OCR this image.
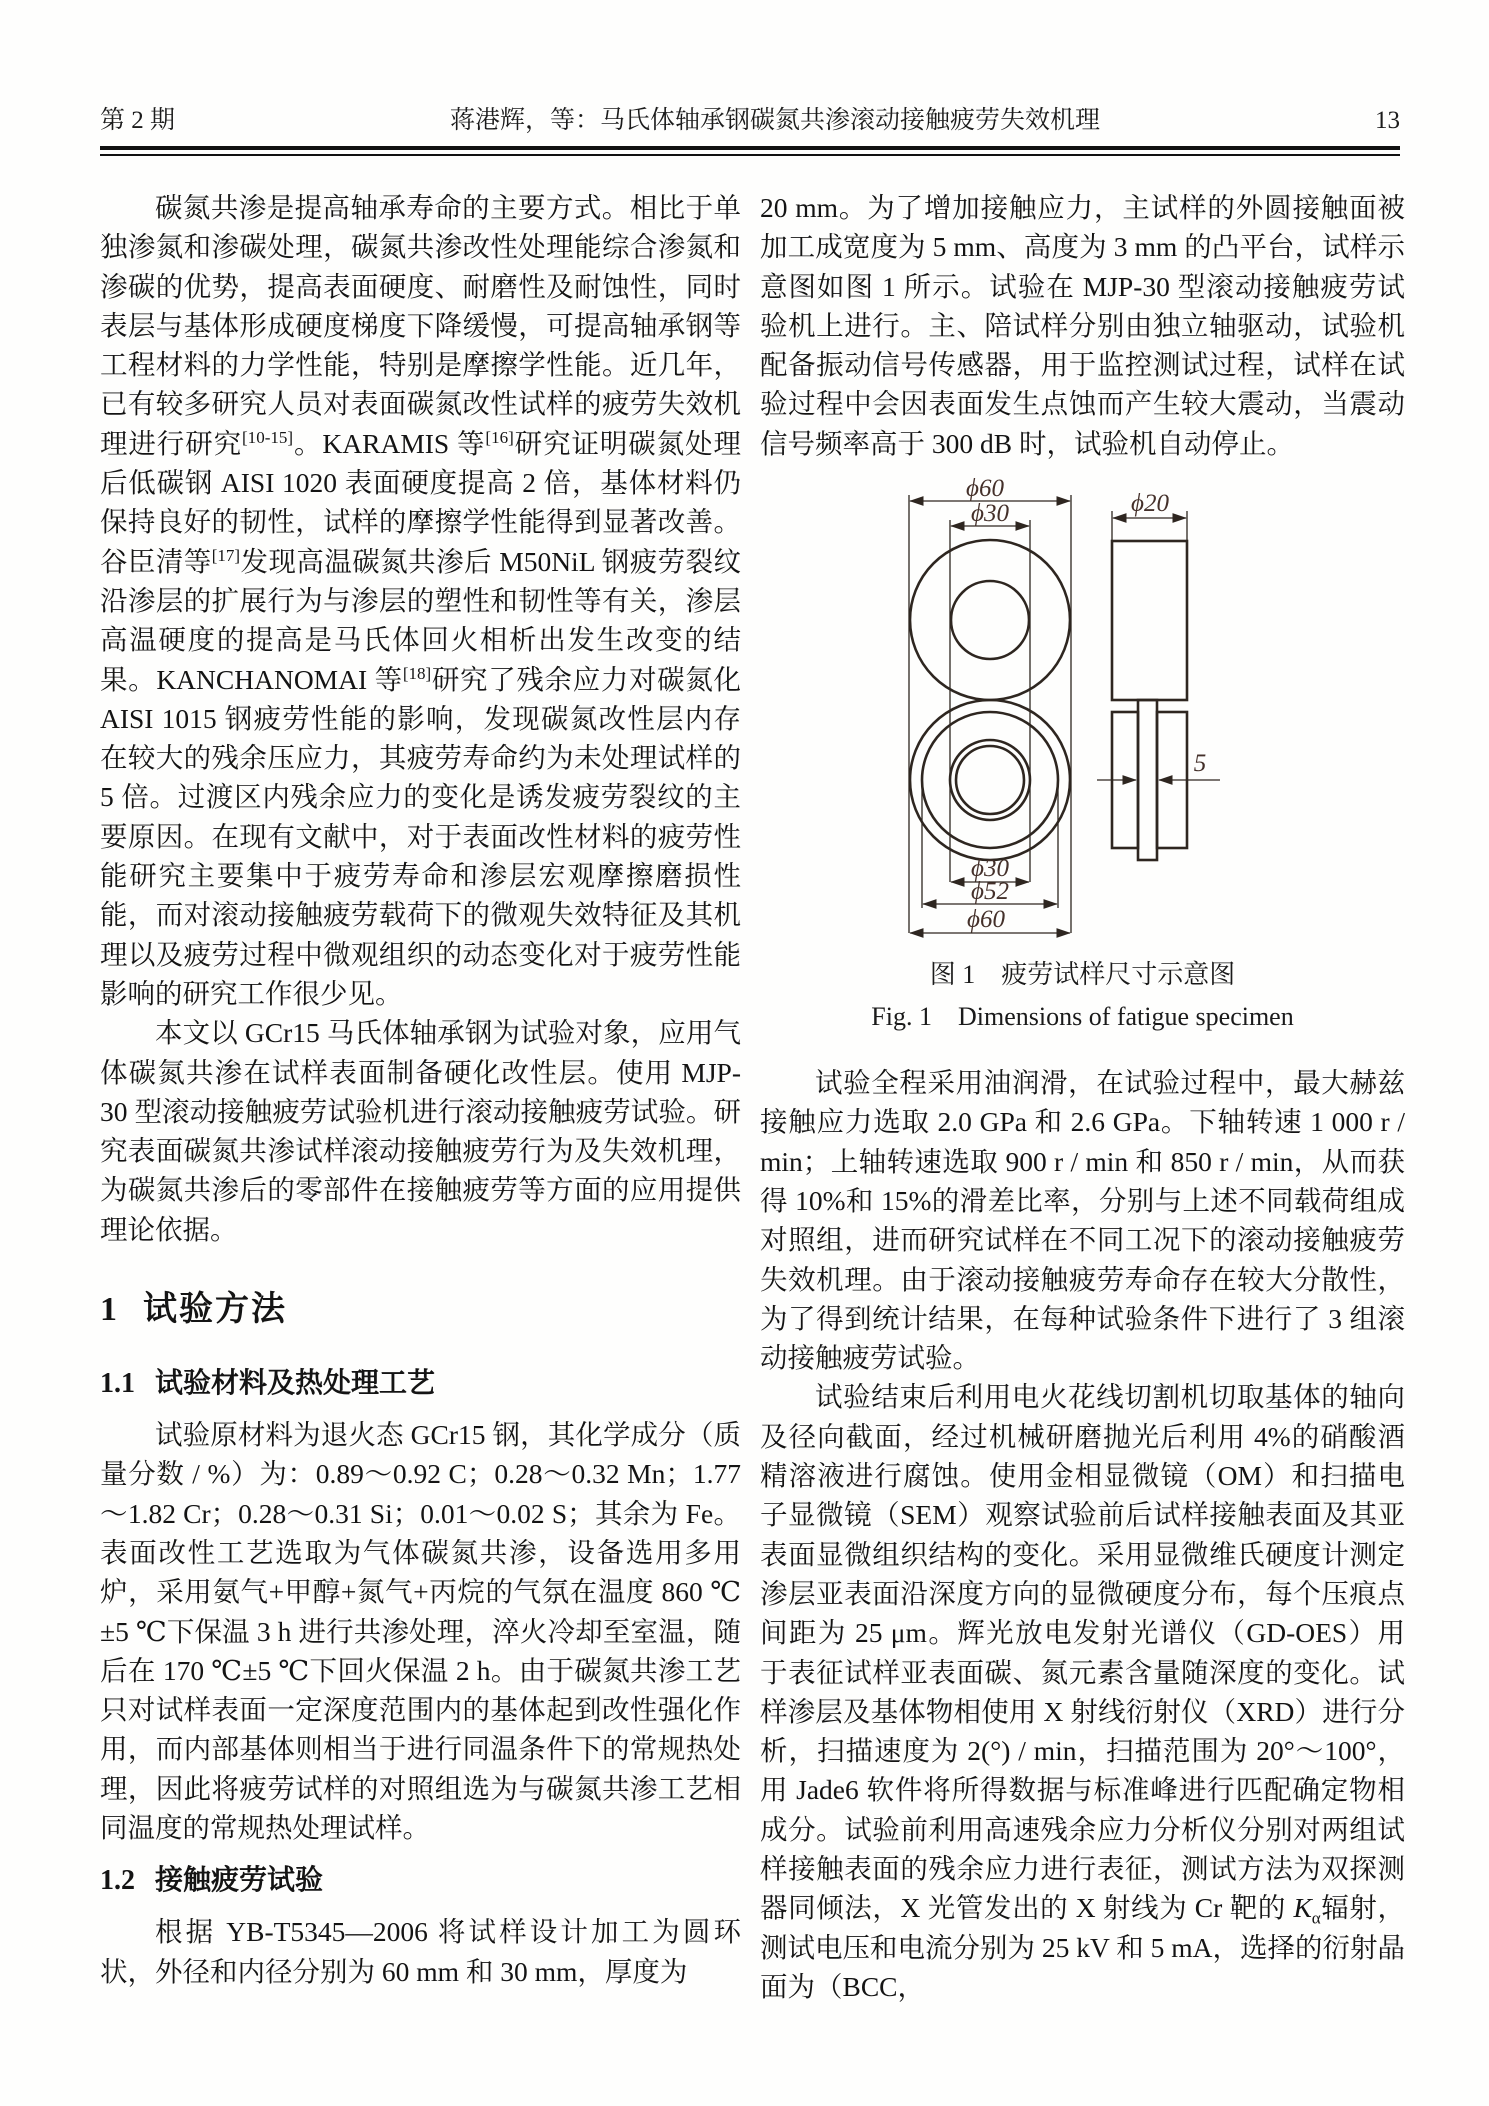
第 2 期	蒋港辉，等：马氏体轴承钢碳氮共渗滚动接触疲劳失效机理	13

碳氮共渗是提高轴承寿命的主要方式。相比于单独渗氮和渗碳处理，碳氮共渗改性处理能综合渗氮和渗碳的优势，提高表面硬度、耐磨性及耐蚀性，同时表层与基体形成硬度梯度下降缓慢，可提高轴承钢等工程材料的力学性能，特别是摩擦学性能。近几年，已有较多研究人员对表面碳氮改性试样的疲劳失效机理进行研究[10-15]。KARAMIS 等[16]研究证明碳氮处理后低碳钢 AISI 1020 表面硬度提高 2 倍，基体材料仍保持良好的韧性，试样的摩擦学性能得到显著改善。谷臣清等[17]发现高温碳氮共渗后 M50NiL 钢疲劳裂纹沿渗层的扩展行为与渗层的塑性和韧性等有关，渗层高温硬度的提高是马氏体回火相析出发生改变的结果。KANCHANOMAI 等[18]研究了残余应力对碳氮化 AISI 1015 钢疲劳性能的影响，发现碳氮改性层内存在较大的残余压应力，其疲劳寿命约为未处理试样的 5 倍。过渡区内残余应力的变化是诱发疲劳裂纹的主要原因。在现有文献中，对于表面改性材料的疲劳性能研究主要集中于疲劳寿命和渗层宏观摩擦磨损性能，而对滚动接触疲劳载荷下的微观失效特征及其机理以及疲劳过程中微观组织的动态变化对于疲劳性能影响的研究工作很少见。

本文以 GCr15 马氏体轴承钢为试验对象，应用气体碳氮共渗在试样表面制备硬化改性层。使用 MJP-30 型滚动接触疲劳试验机进行滚动接触疲劳试验。研究表面碳氮共渗试样滚动接触疲劳行为及失效机理，为碳氮共渗后的零部件在接触疲劳等方面的应用提供理论依据。

1 试验方法
1.1 试验材料及热处理工艺

试验原材料为退火态 GCr15 钢，其化学成分（质量分数 / %）为：0.89～0.92 C；0.28～0.32 Mn；1.77～1.82 Cr；0.28～0.31 Si；0.01～0.02 S；其余为 Fe。表面改性工艺选取为气体碳氮共渗，设备选用多用炉，采用氨气+甲醇+氮气+丙烷的气氛在温度 860 ℃±5 ℃下保温 3 h 进行共渗处理，淬火冷却至室温，随后在 170 ℃±5 ℃下回火保温 2 h。由于碳氮共渗工艺只对试样表面一定深度范围内的基体起到改性强化作用，而内部基体则相当于进行同温条件下的常规热处理，因此将疲劳试样的对照组选为与碳氮共渗工艺相同温度的常规热处理试样。

1.2 接触疲劳试验

根据 YB-T5345—2006 将试样设计加工为圆环状，外径和内径分别为 60 mm 和 30 mm，厚度为

20 mm。为了增加接触应力，主试样的外圆接触面被加工成宽度为 5 mm、高度为 3 mm 的凸平台，试样示意图如图 1 所示。试验在 MJP-30 型滚动接触疲劳试验机上进行。主、陪试样分别由独立轴驱动，试验机配备振动信号传感器，用于监控测试过程，试样在试验过程中会因表面发生点蚀而产生较大震动，当震动信号频率高于 300 dB 时，试验机自动停止。

ϕ60
ϕ30	ϕ20
5
ϕ30
ϕ52
ϕ60
图 1　疲劳试样尺寸示意图
Fig. 1 Dimensions of fatigue specimen

试验全程采用油润滑，在试验过程中，最大赫兹接触应力选取 2.0 GPa 和 2.6 GPa。下轴转速 1 000 r / min；上轴转速选取 900 r / min 和 850 r / min，从而获得 10%和 15%的滑差比率，分别与上述不同载荷组成对照组，进而研究试样在不同工况下的滚动接触疲劳失效机理。由于滚动接触疲劳寿命存在较大分散性，为了得到统计结果，在每种试验条件下进行了 3 组滚动接触疲劳试验。

试验结束后利用电火花线切割机切取基体的轴向及径向截面，经过机械研磨抛光后利用 4%的硝酸酒精溶液进行腐蚀。使用金相显微镜（OM）和扫描电子显微镜（SEM）观察试验前后试样接触表面及其亚表面显微组织结构的变化。采用显微维氏硬度计测定渗层亚表面沿深度方向的显微硬度分布，每个压痕点间距为 25 μm。辉光放电发射光谱仪（GD-OES）用于表征试样亚表面碳、氮元素含量随深度的变化。试样渗层及基体物相使用 X 射线衍射仪（XRD）进行分析，扫描速度为 2(°) / min，扫描范围为 20°～100°，用 Jade6 软件将所得数据与标准峰进行匹配确定物相成分。试验前利用高速残余应力分析仪分别对两组试样接触表面的残余应力进行表征，测试方法为双探测器同倾法，X 光管发出的 X 射线为 Cr 靶的 $K_\alpha$辐射，测试电压和电流分别为 25 kV 和 5 mA，选择的衍射晶面为（BCC，
